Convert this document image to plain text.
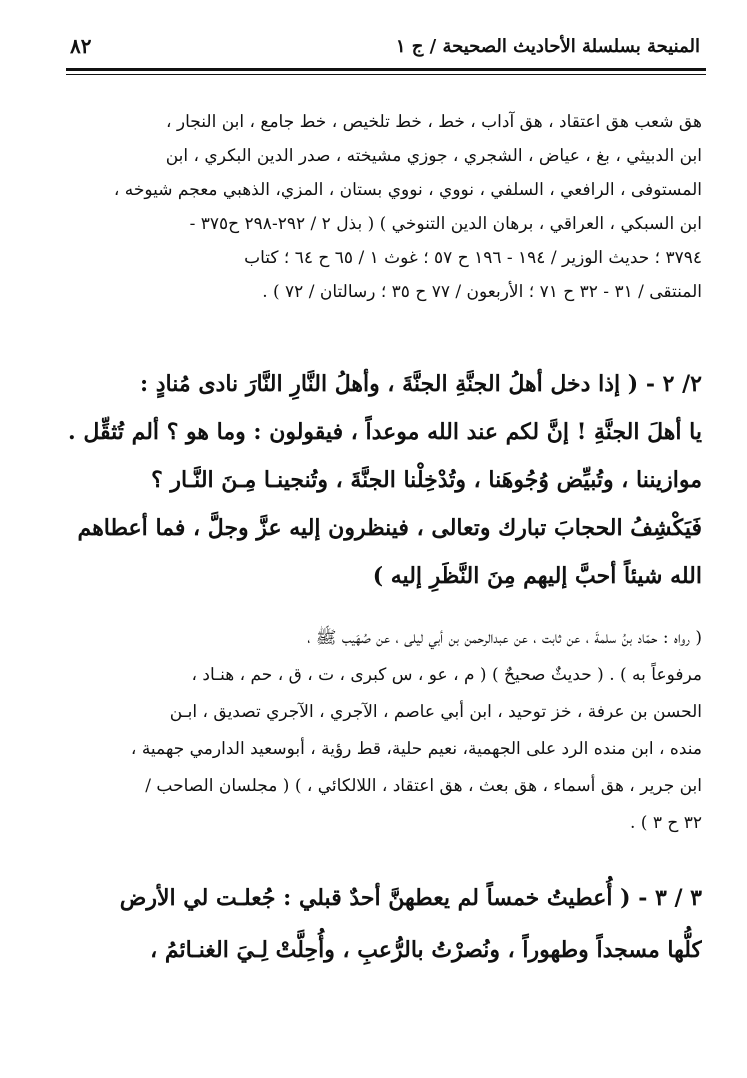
٨٢	المنيحة بسلسلة الأحاديث الصحيحة / ج ١
هق شعب هق اعتقاد ، هق آداب ، خط ، خط تلخيص ، خط جامع ، ابن النجار ،
ابن الدبيثي ، بغ ، عياض ، الشجري ، جوزي مشيخته ، صدر الدين البكري ، ابن
المستوفى ، الرافعي ، السلفي ، نووي ، نووي بستان ، المزي، الذهبي معجم شيوخه ،
ابن السبكي ، العراقي ، برهان الدين التنوخي ) ( بذل ٢ / ٢٩٢-٢٩٨ ح٣٧٥ -
٣٧٩٤ ؛ حديث الوزير / ١٩٤ - ١٩٦ ح ٥٧ ؛ غوث ١ / ٦٥ ح ٦٤ ؛ كتاب
المنتقى / ٣١ - ٣٢ ح ٧١ ؛ الأربعون / ٧٧ ح ٣٥ ؛ رسالتان / ٧٢ ) .
٢/ ٢ - ( إذا دخل أهلُ الجنَّةِ الجنَّةَ ، وأهلُ النَّارِ النَّارَ نادى مُنادٍ :
يا أهلَ الجنَّةِ ! إنَّ لكم عند الله موعداً ، فيقولون : وما هو ؟ ألم تُثقِّل .
موازيننا ، وتُبيِّض وُجُوهَنا ، وتُدْخِلْنا الجنَّةَ ، وتُنجينـا مِـنَ النَّـار ؟
فَيَكْشِفُ الحجابَ تبارك وتعالى ، فينظرون إليه عزَّ وجلَّ ، فما أعطاهم
الله شيئاً أحبَّ إليهم مِنَ النَّظَرِ إليه )
( رواه : حمّاد بنُ سلمةَ ، عن ثابت ، عن عبدالرحمن بن أبي ليلى ، عن صُهَيب ﷺ ،
مرفوعاً به ) . ( حديثٌ صحيحٌ ) ( م ، عو ، س كبرى ، ت ، ق ، حم ، هنـاد ،
الحسن بن عرفة ، خز توحيد ، ابن أبي عاصم ، الآجري ، الآجري تصديق ، ابـن
منده ، ابن منده الرد على الجهمية، نعيم حلية، قط رؤية ، أبوسعيد الدارمي جهمية ،
ابن جرير ، هق أسماء ، هق بعث ، هق اعتقاد ، اللالكائي ، ) ( مجلسان الصاحب /
٣٢ ح ٣ ) .
٣ / ٣ - ( أُعطيتُ خمساً لم يعطهنَّ أحدٌ قبلي : جُعلـت لي الأرض
كلُّها مسجداً وطهوراً ، ونُصرْتُ بالرُّعبِ ، وأُحِلَّتْ لِـيَ الغنـائمُ ،
